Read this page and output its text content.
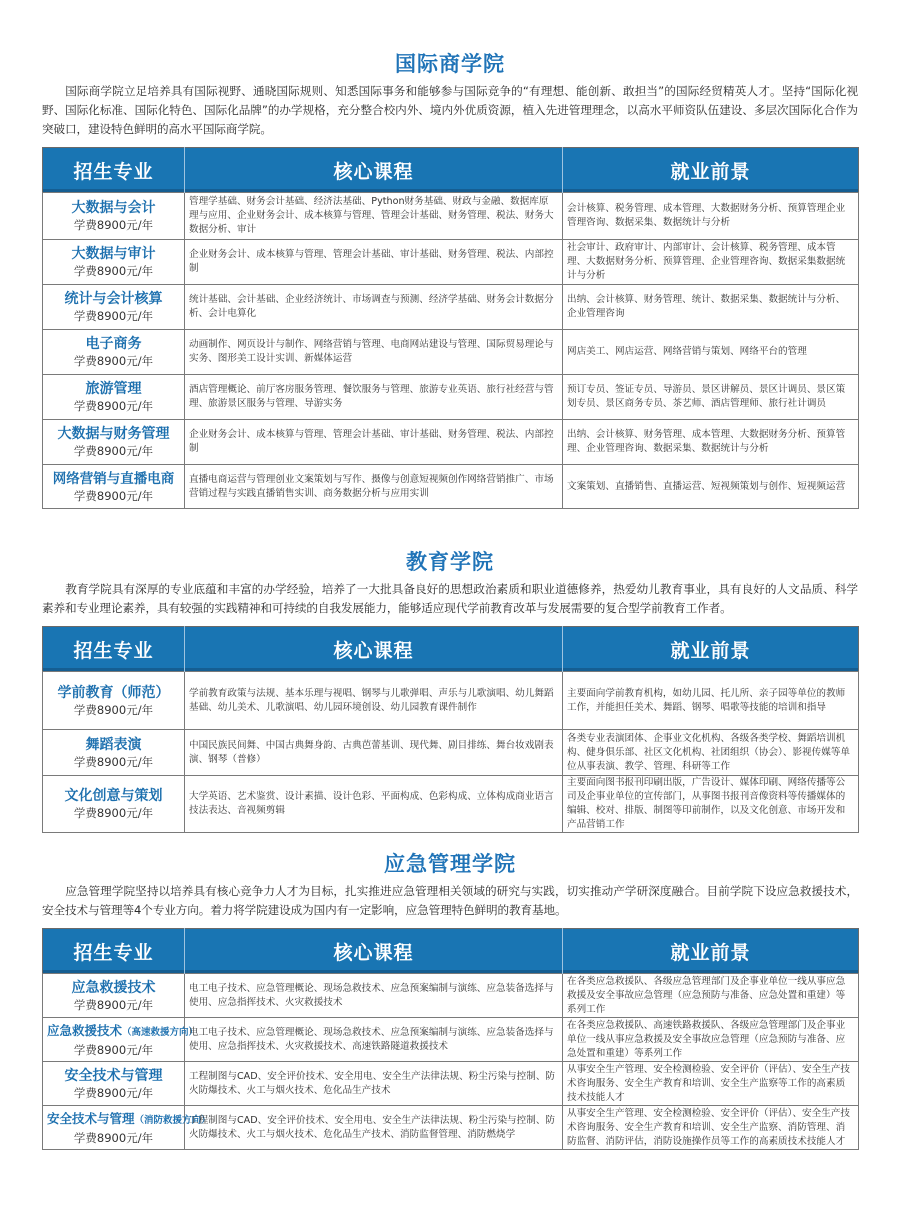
国际商学院

国际商学院立足培养具有国际视野、通晓国际规则、知悉国际事务和能够参与国际竞争的“有理想、能创新、敢担当”的国际经贸精英人才。坚持“国际化视野、国际化标准、国际化特色、国际化品牌”的办学规格，充分整合校内外、境内外优质资源，植入先进管理理念，以高水平师资队伍建设、多层次国际化合作为突破口，建设特色鲜明的高水平国际商学院。

招生专业	核心课程	就业前景

大数据与会计
学费8900元/年	管理学基础、财务会计基础、经济法基础、Python财务基础、财政与金融、数据库原理与应用、企业财务会计、成本核算与管理、管理会计基础、财务管理、税法、财务大数据分析、审计	会计核算、税务管理、成本管理、大数据财务分析、预算管理企业管理咨询、数据采集、数据统计与分析

大数据与审计
学费8900元/年	企业财务会计、成本核算与管理、管理会计基础、审计基础、财务管理、税法、内部控制	社会审计、政府审计、内部审计、会计核算、税务管理、成本管理、大数据财务分析、预算管理、企业管理咨询、数据采集数据统计与分析

统计与会计核算
学费8900元/年	统计基础、会计基础、企业经济统计、市场调查与预测、经济学基础、财务会计数据分析、会计电算化	出纳、会计核算、财务管理、统计、数据采集、数据统计与分析、企业管理咨询

电子商务
学费8900元/年	动画制作、网页设计与制作、网络营销与管理、电商网站建设与管理、国际贸易理论与实务、图形美工设计实训、新媒体运营	网店美工、网店运营、网络营销与策划、网络平台的管理

旅游管理
学费8900元/年	酒店管理概论、前厅客房服务管理、餐饮服务与管理、旅游专业英语、旅行社经营与管理、旅游景区服务与管理、导游实务	预订专员、签证专员、导游员、景区讲解员、景区计调员、景区策划专员、景区商务专员、茶艺师、酒店管理师、旅行社计调员

大数据与财务管理
学费8900元/年	企业财务会计、成本核算与管理、管理会计基础、审计基础、财务管理、税法、内部控制	出纳、会计核算、财务管理、成本管理、大数据财务分析、预算管理、企业管理咨询、数据采集、数据统计与分析

网络营销与直播电商
学费8900元/年	直播电商运营与管理创业文案策划与写作、摄像与创意短视频创作网络营销推广、市场营销过程与实践直播销售实训、商务数据分析与应用实训	文案策划、直播销售、直播运营、短视频策划与创作、短视频运营
教育学院

教育学院具有深厚的专业底蕴和丰富的办学经验，培养了一大批具备良好的思想政治素质和职业道德修养，热爱幼儿教育事业，具有良好的人文品质、科学素养和专业理论素养，具有较强的实践精神和可持续的自我发展能力，能够适应现代学前教育改革与发展需要的复合型学前教育工作者。

招生专业	核心课程	就业前景

学前教育（师范）
学费8900元/年	学前教育政策与法规、基本乐理与视唱、钢琴与儿歌弹唱、声乐与儿歌演唱、幼儿舞蹈基础、幼儿美术、儿歌演唱、幼儿园环境创设、幼儿园教育课件制作	主要面向学前教育机构，如幼儿园、托儿所、亲子园等单位的教师工作，并能担任美术、舞蹈、钢琴、唱歌等技能的培训和指导

舞蹈表演
学费8900元/年	中国民族民间舞、中国古典舞身韵、古典芭蕾基训、现代舞、剧目排练、舞台妆戏剧表演、钢琴（普修）	各类专业表演团体、企事业文化机构、各级各类学校、舞蹈培训机构、健身俱乐部、社区文化机构、社团组织（协会）、影视传媒等单位从事表演、教学、管理、科研等工作

文化创意与策划
学费8900元/年	大学英语、艺术鉴赏、设计素描、设计色彩、平面构成、色彩构成、立体构成商业语言技法表达、音视频剪辑	主要面向图书报刊印刷出版，广告设计、媒体印刷、网络传播等公司及企事业单位的宣传部门，从事图书报刊音像资料等传播媒体的编辑、校对、排版、制图等印前制作，以及文化创意、市场开发和产品营销工作
应急管理学院

应急管理学院坚持以培养具有核心竞争力人才为目标，扎实推进应急管理相关领域的研究与实践，切实推动产学研深度融合。目前学院下设应急救援技术，安全技术与管理等4个专业方向。着力将学院建设成为国内有一定影响，应急管理特色鲜明的教育基地。

招生专业	核心课程	就业前景

应急救援技术
学费8900元/年	电工电子技术、应急管理概论、现场急救技术、应急预案编制与演练、应急装备选择与使用、应急指挥技术、火灾救援技术	在各类应急救援队、各级应急管理部门及企事业单位一线从事应急救援及安全事故应急管理（应急预防与准备、应急处置和重建）等系列工作

应急救援技术（高速救援方向）
学费8900元/年	电工电子技术、应急管理概论、现场急救技术、应急预案编制与演练、应急装备选择与使用、应急指挥技术、火灾救援技术、高速铁路隧道救援技术	在各类应急救援队、高速铁路救援队、各级应急管理部门及企事业单位一线从事应急救援及安全事故应急管理（应急预防与准备、应急处置和重建）等系列工作

安全技术与管理
学费8900元/年	工程制图与CAD、安全评价技术、安全用电、安全生产法律法规、粉尘污染与控制、防火防爆技术、火工与烟火技术、危化品生产技术	从事安全生产管理、安全检测检验、安全评价（评估）、安全生产技术咨询服务、安全生产教育和培训、安全生产监察等工作的高素质技术技能人才

安全技术与管理（消防救援方向）
学费8900元/年	工程制图与CAD、安全评价技术、安全用电、安全生产法律法规、粉尘污染与控制、防火防爆技术、火工与烟火技术、危化品生产技术、消防监督管理、消防燃烧学	从事安全生产管理、安全检测检验、安全评价（评估）、安全生产技术咨询服务、安全生产教育和培训、安全生产监察、消防管理、消防监督、消防评估，消防设施操作员等工作的高素质技术技能人才
